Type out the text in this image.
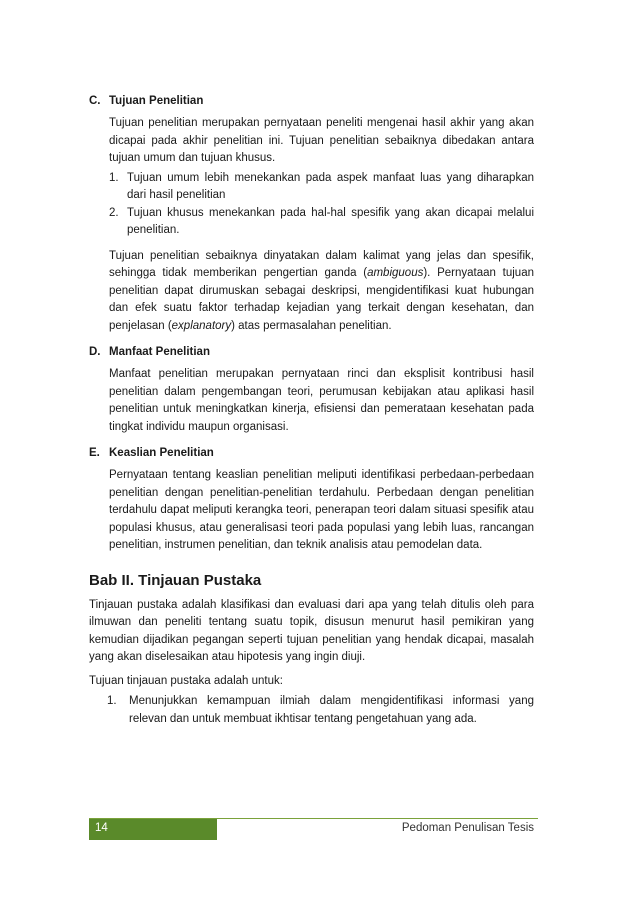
C. Tujuan Penelitian

Tujuan penelitian merupakan pernyataan peneliti mengenai hasil akhir yang akan dicapai pada akhir penelitian ini. Tujuan penelitian sebaiknya dibedakan antara tujuan umum dan tujuan khusus.

1. Tujuan umum lebih menekankan pada aspek manfaat luas yang diharapkan dari hasil penelitian
2. Tujuan khusus menekankan pada hal-hal spesifik yang akan dicapai melalui penelitian.

Tujuan penelitian sebaiknya dinyatakan dalam kalimat yang jelas dan spesifik, sehingga tidak memberikan pengertian ganda (ambiguous). Pernyataan tujuan penelitian dapat dirumuskan sebagai deskripsi, mengidentifikasi kuat hubungan dan efek suatu faktor terhadap kejadian yang terkait dengan kesehatan, dan penjelasan (explanatory) atas permasalahan penelitian.

D. Manfaat Penelitian

Manfaat penelitian merupakan pernyataan rinci dan eksplisit kontribusi hasil penelitian dalam pengembangan teori, perumusan kebijakan atau aplikasi hasil penelitian untuk meningkatkan kinerja, efisiensi dan pemerataan kesehatan pada tingkat individu maupun organisasi.

E. Keaslian Penelitian

Pernyataan tentang keaslian penelitian meliputi identifikasi perbedaan-perbedaan penelitian dengan penelitian-penelitian terdahulu. Perbedaan dengan penelitian terdahulu dapat meliputi kerangka teori, penerapan teori dalam situasi spesifik atau populasi khusus, atau generalisasi teori pada populasi yang lebih luas, rancangan penelitian, instrumen penelitian, dan teknik analisis atau pemodelan data.

Bab II. Tinjauan Pustaka

Tinjauan pustaka adalah klasifikasi dan evaluasi dari apa yang telah ditulis oleh para ilmuwan dan peneliti tentang suatu topik, disusun menurut hasil pemikiran yang kemudian dijadikan pegangan seperti tujuan penelitian yang hendak dicapai, masalah yang akan diselesaikan atau hipotesis yang ingin diuji.

Tujuan tinjauan pustaka adalah untuk:

1. Menunjukkan kemampuan ilmiah dalam mengidentifikasi informasi yang relevan dan untuk membuat ikhtisar tentang pengetahuan yang ada.
14	Pedoman Penulisan Tesis
